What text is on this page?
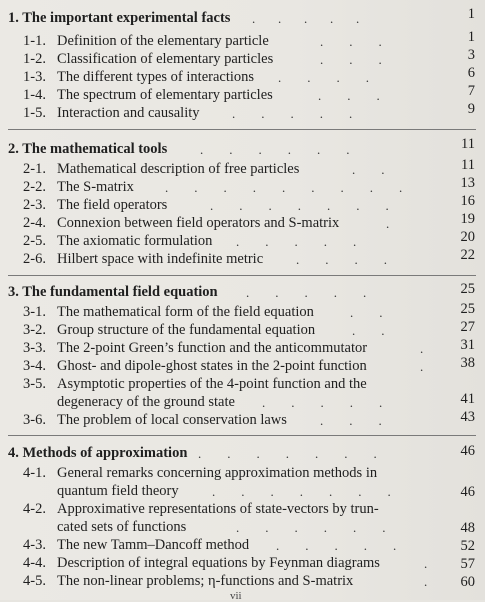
1. The important experimental facts .       .       .       .       .	1
1-1. Definition of the elementary particle	.        .        .	1
1-2. Classification of elementary particles	.        .        .	3
1-3. The different types of interactions .        .        .        .	6
1-4. The spectrum of elementary particles	.        .        .	7
1-5. Interaction and causality .        .        .        .        .	9
2. The mathematical tools	.        .        .        .        .        .	11
2-1. Mathematical description of free particles	.        .	11
2-2. The S-matrix .        .        .        .        .        .        .        .        .	13
2-3. The field operators	.        .        .        .        .        .        .	16
2-4. Connexion between field operators and S-matrix	.	19
2-5. The axiomatic formulation .        .        .        .        .	20
2-6. Hilbert space with indefinite metric	.        .        .        .	22
3. The fundamental field equation .        .        .        .        .	25
3-1. The mathematical form of the field equation	.        .	25
3-2. Group structure of the fundamental equation	.        .	27
3-3. The 2-point Green’s function and the anticommutator	.	31
3-4. Ghost- and dipole-ghost states in the 2-point function	.	38
3-5. Asymptotic properties of the 4-point function and the
degeneracy of the ground state .        .        .        .        .	41
3-6. The problem of local conservation laws	.        .        .	43
4. Methods of approximation .        .        .        .        .        .        .	46
4-1. General remarks concerning approximation methods in
quantum field theory	.        .        .        .        .        .        .	46
4-2. Approximative representations of state-vectors by trun-
cated sets of functions	.        .        .        .        .        .	48
4-3. The new Tamm–Dancoff method .        .        .        .        .	52
4-4. Description of integral equations by Feynman diagrams	. 57
4-5. The non-linear problems; η-functions and S-matrix	. 60
vii
